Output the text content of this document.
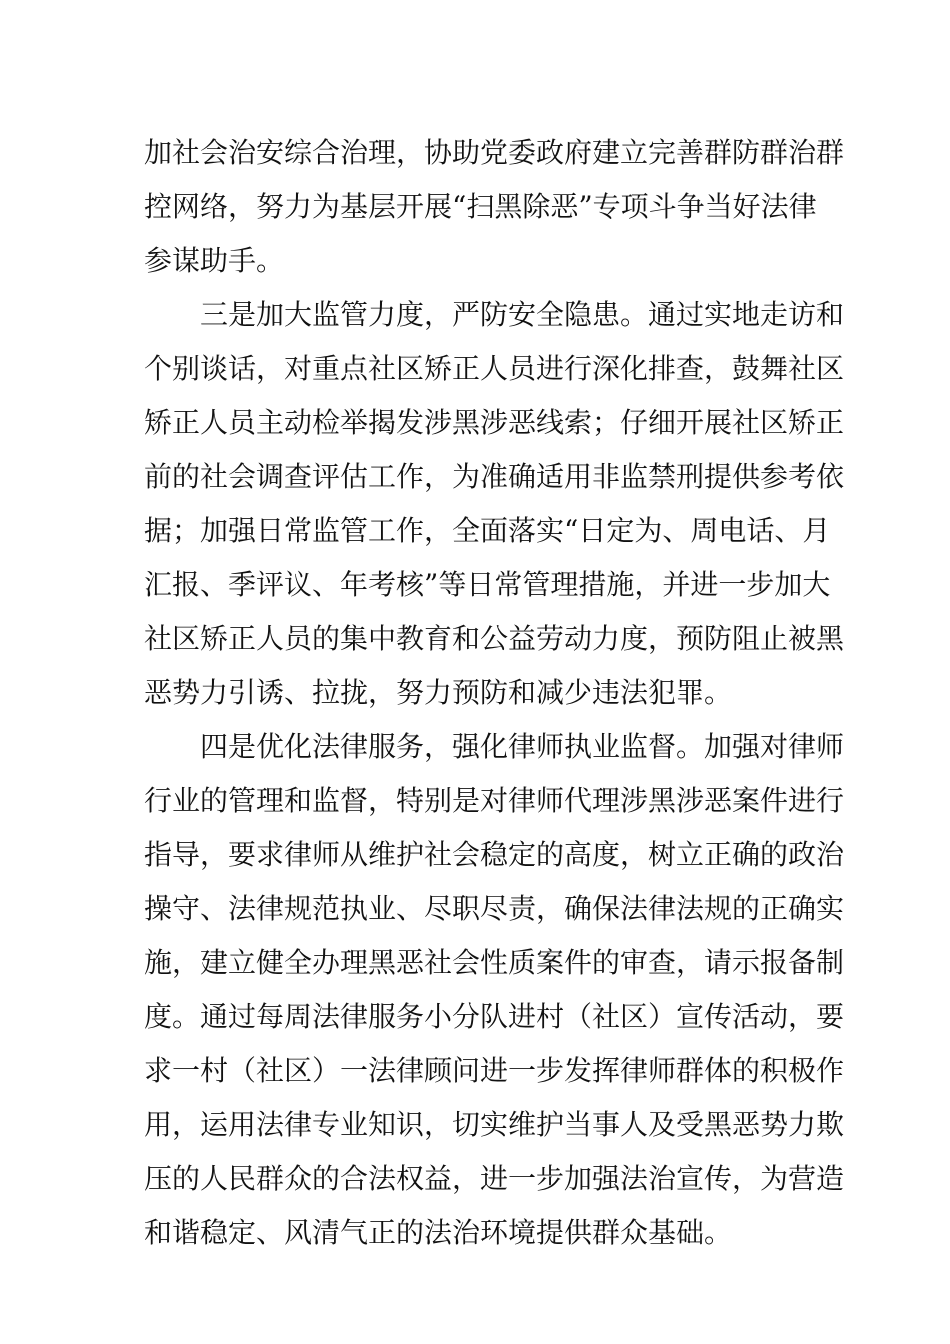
加社会治安综合治理，协助党委政府建立完善群防群治群
控网络，努力为基层开展“扫黑除恶”专项斗争当好法律
参谋助手。
三是加大监管力度，严防安全隐患。通过实地走访和
个别谈话，对重点社区矫正人员进行深化排查，鼓舞社区
矫正人员主动检举揭发涉黑涉恶线索；仔细开展社区矫正
前的社会调查评估工作，为准确适用非监禁刑提供参考依
据；加强日常监管工作，全面落实“日定为、周电话、月
汇报、季评议、年考核”等日常管理措施，并进一步加大
社区矫正人员的集中教育和公益劳动力度，预防阻止被黑
恶势力引诱、拉拢，努力预防和减少违法犯罪。
四是优化法律服务，强化律师执业监督。加强对律师
行业的管理和监督，特别是对律师代理涉黑涉恶案件进行
指导，要求律师从维护社会稳定的高度，树立正确的政治
操守、法律规范执业、尽职尽责，确保法律法规的正确实
施，建立健全办理黑恶社会性质案件的审查，请示报备制
度。通过每周法律服务小分队进村（社区）宣传活动，要
求一村（社区）一法律顾问进一步发挥律师群体的积极作
用，运用法律专业知识，切实维护当事人及受黑恶势力欺
压的人民群众的合法权益，进一步加强法治宣传，为营造
和谐稳定、风清气正的法治环境提供群众基础。
